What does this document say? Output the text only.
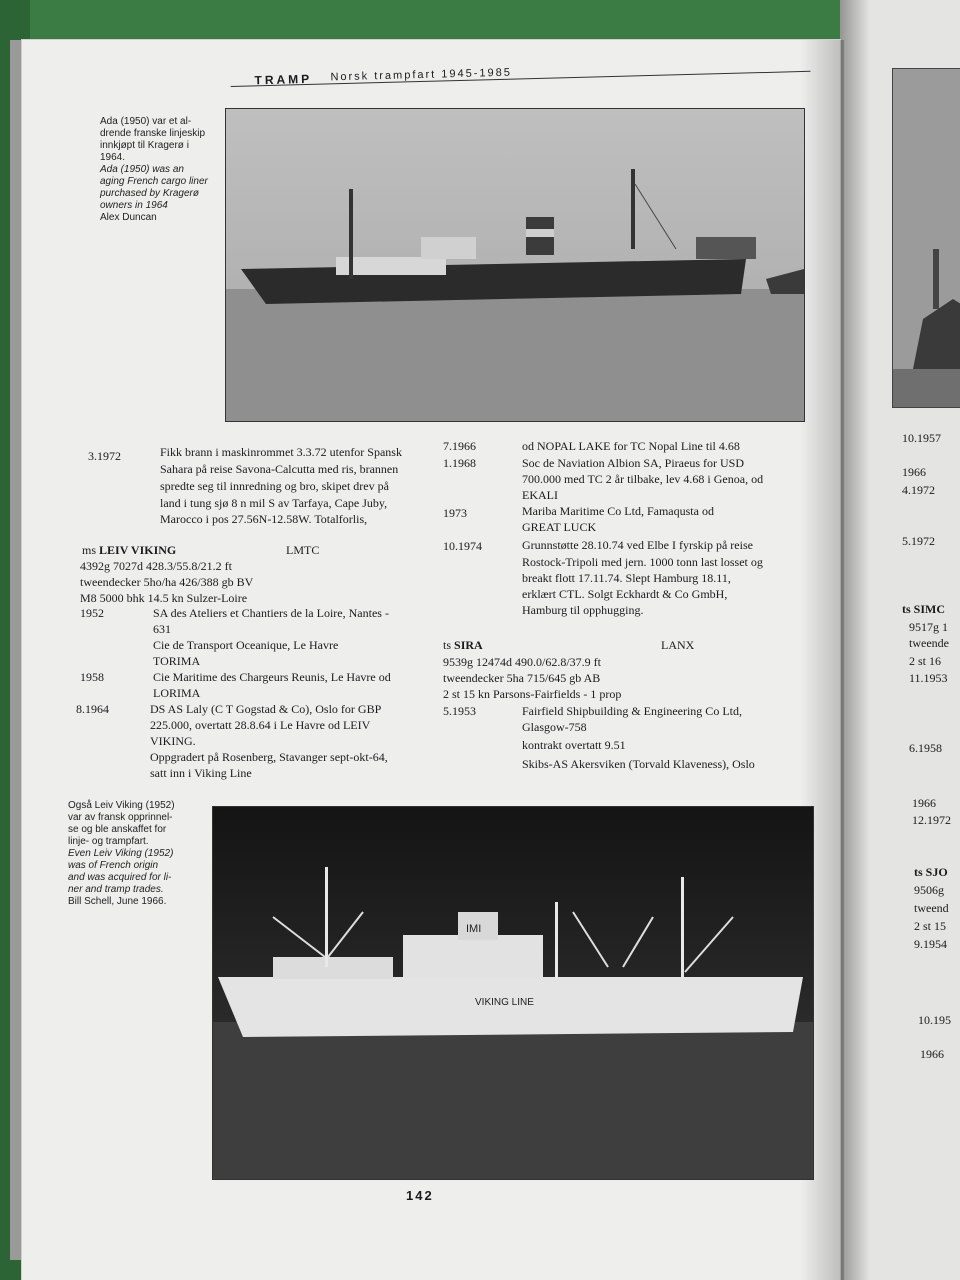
10.1957
1966
4.1972
5.1972
ts SIMC
9517g 1
tweende
2 st 16
11.1953
6.1958
1966
12.1972
ts SJO
9506g
tweend
2 st 15
9.1954
10.195
1966
TRAMP Norsk trampfart 1945-1985
Ada (1950) var et al-
drende franske linjeskip
innkjøpt til Kragerø i
1964.
Ada (1950) was an
aging French cargo liner
purchased by Kragerø
owners in 1964
Alex Duncan
3.1972	Fikk brann i maskinrommet 3.3.72 utenfor Spansk
Sahara på reise Savona-Calcutta med ris, brannen
spredte seg til innredning og bro, skipet drev på
land i tung sjø 8 n mil S av Tarfaya, Cape Juby,
Marocco i pos 27.56N-12.58W. Totalforlis,
ms LEIV VIKING	LMTC
4392g 7027d 428.3/55.8/21.2 ft
tweendecker 5ho/ha 426/388 gb BV
M8 5000 bhk 14.5 kn Sulzer-Loire
1952	SA des Ateliers et Chantiers de la Loire, Nantes -
631
Cie de Transport Oceanique, Le Havre
TORIMA
1958	Cie Maritime des Chargeurs Reunis, Le Havre od
LORIMA
8.1964	DS AS Laly (C T Gogstad & Co), Oslo for GBP
225.000, overtatt 28.8.64 i Le Havre od LEIV
VIKING.
Oppgradert på Rosenberg, Stavanger sept-okt-64,
satt inn i Viking Line
7.1966	od NOPAL LAKE for TC Nopal Line til 4.68
1.1968	Soc de Naviation Albion SA, Piraeus for USD
700.000 med TC 2 år tilbake, lev 4.68 i Genoa, od
EKALI
1973	Mariba Maritime Co Ltd, Famaqusta od
GREAT LUCK
10.1974	Grunnstøtte 28.10.74 ved Elbe I fyrskip på reise
Rostock-Tripoli med jern. 1000 tonn last losset og
breakt flott 17.11.74. Slept Hamburg 18.11,
erklært CTL. Solgt Eckhardt & Co GmbH,
Hamburg til opphugging.
ts SIRA	LANX
9539g 12474d 490.0/62.8/37.9 ft
tweendecker 5ha 715/645 gb AB
2 st 15 kn Parsons-Fairfields - 1 prop
5.1953	Fairfield Shipbuilding & Engineering Co Ltd,
Glasgow-758
kontrakt overtatt 9.51
Skibs-AS Akersviken (Torvald Klaveness), Oslo
Også Leiv Viking (1952)
var av fransk opprinnel-
se og ble anskaffet for
linje- og trampfart.
Even Leiv Viking (1952)
was of French origin
and was acquired for li-
ner and tramp trades.
Bill Schell, June 1966.
IMI
VIKING LINE
142
